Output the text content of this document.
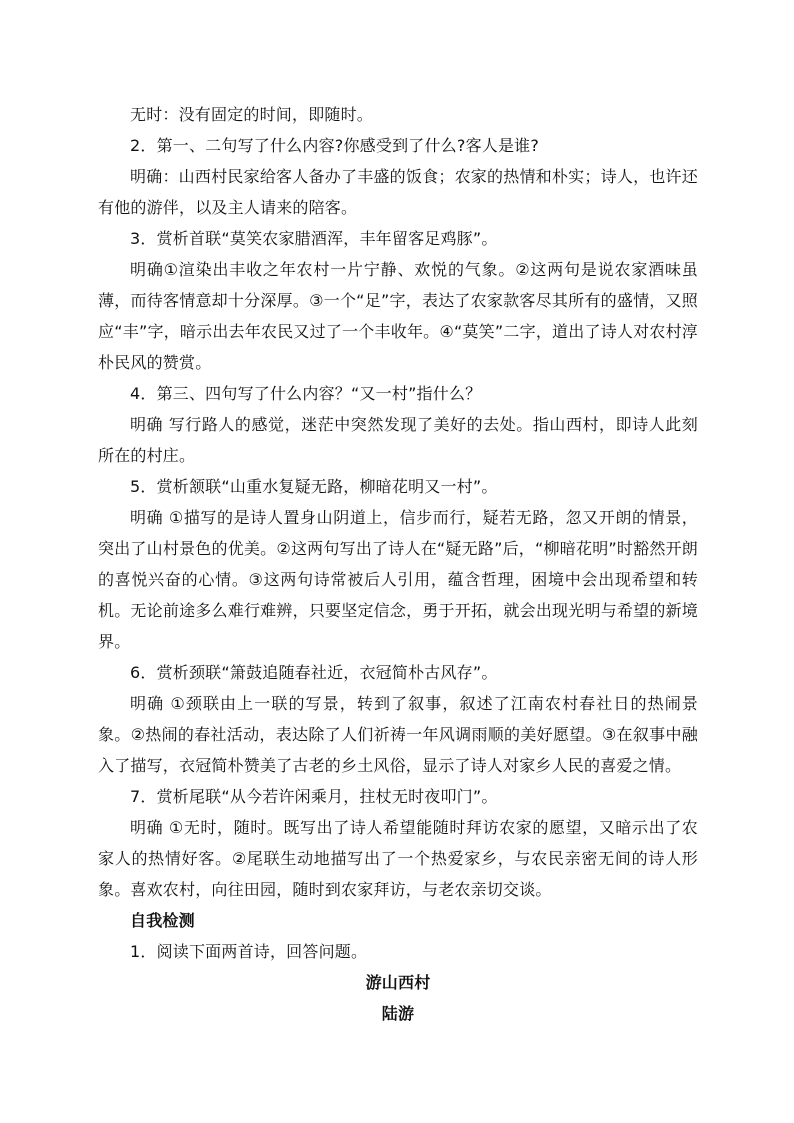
无时：没有固定的时间，即随时。

2．第一、二句写了什么内容?你感受到了什么?客人是谁?

明确：山西村民家给客人备办了丰盛的饭食；农家的热情和朴实；诗人，也许还有他的游伴，以及主人请来的陪客。

3．赏析首联“莫笑农家腊酒浑，丰年留客足鸡豚”。

明确①渲染出丰收之年农村一片宁静、欢悦的气象。②这两句是说农家酒味虽薄，而待客情意却十分深厚。③一个“足”字，表达了农家款客尽其所有的盛情，又照应“丰”字，暗示出去年农民又过了一个丰收年。④“莫笑”二字，道出了诗人对农村淳朴民风的赞赏。

4．第三、四句写了什么内容？“又一村”指什么？

明确 写行路人的感觉，迷茫中突然发现了美好的去处。指山西村，即诗人此刻所在的村庄。

5．赏析颔联“山重水复疑无路，柳暗花明又一村”。

明确 ①描写的是诗人置身山阴道上，信步而行，疑若无路，忽又开朗的情景，突出了山村景色的优美。②这两句写出了诗人在“疑无路”后，“柳暗花明”时豁然开朗的喜悦兴奋的心情。③这两句诗常被后人引用，蕴含哲理，困境中会出现希望和转机。无论前途多么难行难辨，只要坚定信念，勇于开拓，就会出现光明与希望的新境界。

6．赏析颈联“箫鼓追随春社近，衣冠简朴古风存”。

明确 ①颈联由上一联的写景，转到了叙事，叙述了江南农村春社日的热闹景象。②热闹的春社活动，表达除了人们祈祷一年风调雨顺的美好愿望。③在叙事中融入了描写，衣冠简朴赞美了古老的乡土风俗，显示了诗人对家乡人民的喜爱之情。

7．赏析尾联“从今若许闲乘月，拄杖无时夜叩门”。

明确 ①无时，随时。既写出了诗人希望能随时拜访农家的愿望，又暗示出了农家人的热情好客。②尾联生动地描写出了一个热爱家乡，与农民亲密无间的诗人形象。喜欢农村，向往田园，随时到农家拜访，与老农亲切交谈。

自我检测

1．阅读下面两首诗，回答问题。

游山西村

陆游
